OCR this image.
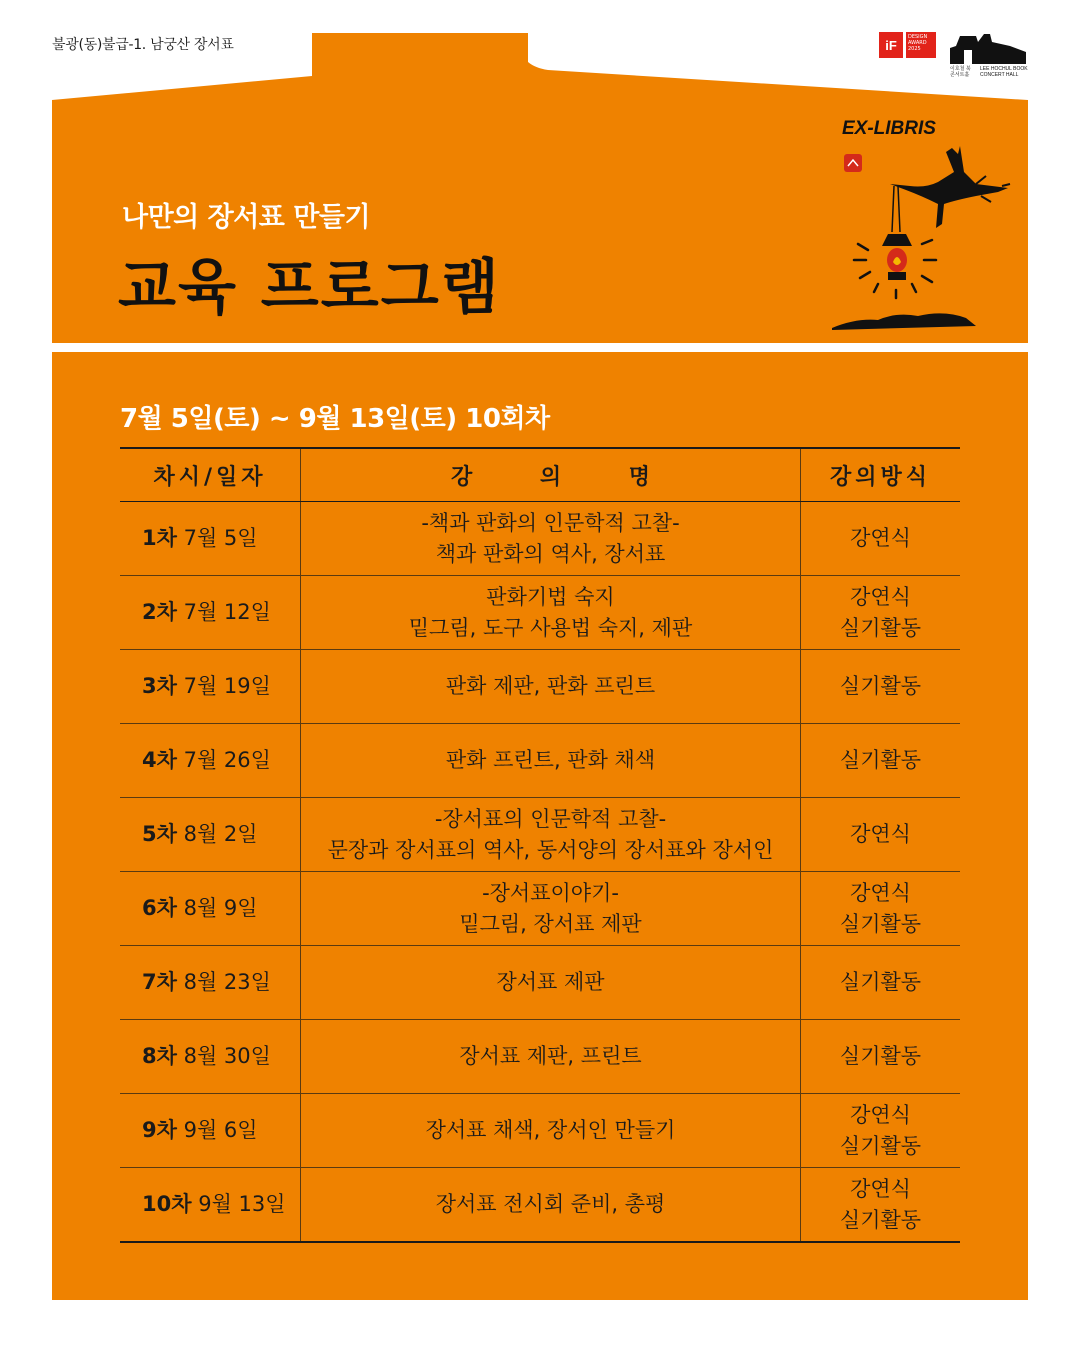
불광(동)불급-1. 남궁산 장서표	iF
DESIGN AWARD 2025
이호철 북콘서트홀
LEE HOCHUL BOOK CONCERT HALL
나만의 장서표 만들기
교육 프로그램
EX-LIBRIS
7월 5일(토) ~ 9월 13일(토) 10회차
차시/일자	강 의 명	강의방식
1차 7월 5일	-책과 판화의 인문학적 고찰-
책과 판화의 역사, 장서표	강연식

2차 7월 12일	판화기법 숙지
밑그림, 도구 사용법 숙지, 제판	강연식
실기활동

3차 7월 19일	판화 제판, 판화 프린트	실기활동

4차 7월 26일	판화 프린트, 판화 채색	실기활동

5차 8월 2일	-장서표의 인문학적 고찰-
문장과 장서표의 역사, 동서양의 장서표와 장서인	강연식

6차 8월 9일	-장서표이야기-
밑그림, 장서표 제판	강연식
실기활동

7차 8월 23일	장서표 제판	실기활동

8차 8월 30일	장서표 제판, 프린트	실기활동

9차 9월 6일	장서표 채색, 장서인 만들기	강연식
실기활동

10차 9월 13일	장서표 전시회 준비, 총평	강연식
실기활동
